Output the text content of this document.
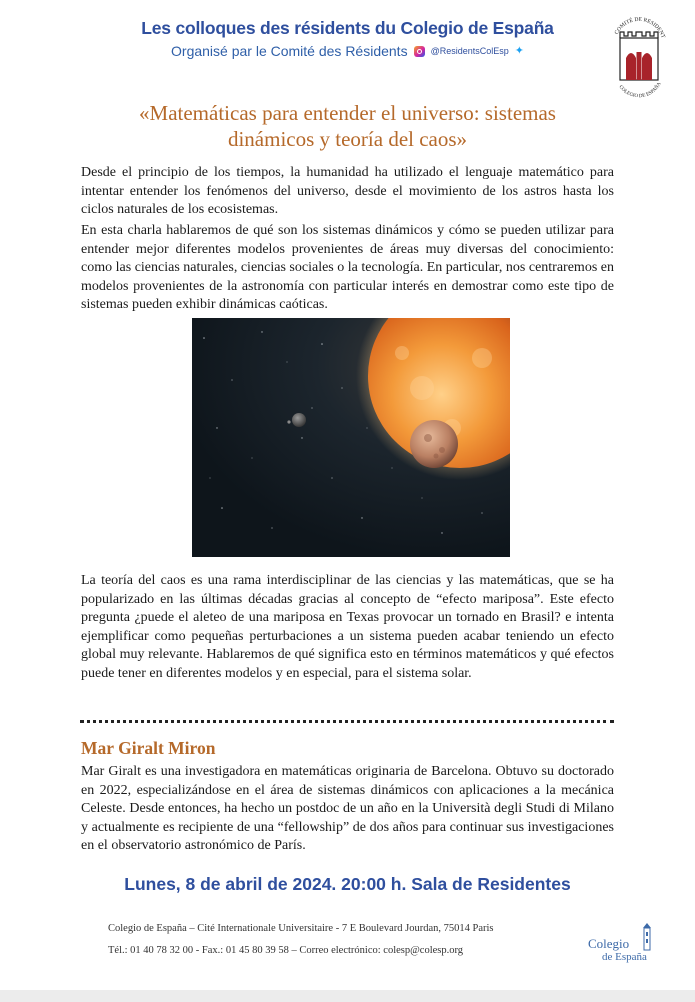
Les colloques des résidents du Colegio de España
Organisé par le Comité des Résidents	@ResidentsColEsp ✦
COMITÉ DE RESIDENT
COLEGIO DE ESPAÑA
«Matemáticas para entender el universo: sistemas
dinámicos y teoría del caos»

Desde el principio de los tiempos, la humanidad ha utilizado el lenguaje matemático para intentar entender los fenómenos del universo, desde el movimiento de los astros hasta los ciclos naturales de los ecosistemas.

En esta charla hablaremos de qué son los sistemas dinámicos y cómo se pueden utilizar para entender mejor diferentes modelos provenientes de áreas muy diversas del conocimiento: como las ciencias naturales, ciencias sociales o la tecnología. En particular, nos centraremos en modelos provenientes de la astronomía con particular interés en demostrar como este tipo de sistemas pueden exhibir dinámicas caóticas.

La teoría del caos es una rama interdisciplinar de las ciencias y las matemáticas, que se ha popularizado en las últimas décadas gracias al concepto de “efecto mariposa”. Este efecto pregunta ¿puede el aleteo de una mariposa en Texas provocar un tornado en Brasil? e intenta ejemplificar como pequeñas perturbaciones a un sistema pueden acabar teniendo un efecto global muy relevante. Hablaremos de qué significa esto en términos matemáticos y qué efectos puede tener en diferentes modelos y en especial, para el sistema solar.

Mar Giralt Miron

Mar Giralt es una investigadora en matemáticas originaria de Barcelona. Obtuvo su doctorado en 2022, especializándose en el área de sistemas dinámicos con aplicaciones a la mecánica Celeste. Desde entonces, ha hecho un postdoc de un año en la Università degli Studi di Milano y actualmente es recipiente de una “fellowship” de dos años para continuar sus investigaciones en el observatorio astronómico de París.

Lunes, 8 de abril de 2024. 20:00 h. Sala de Residentes
Colegio de España – Cité Internationale Universitaire - 7 E Boulevard Jourdan, 75014 Paris
Tél.: 01 40 78 32 00 - Fax.: 01 45 80 39 58 – Correo electrónico: colesp@colesp.org	Colegio
de España
